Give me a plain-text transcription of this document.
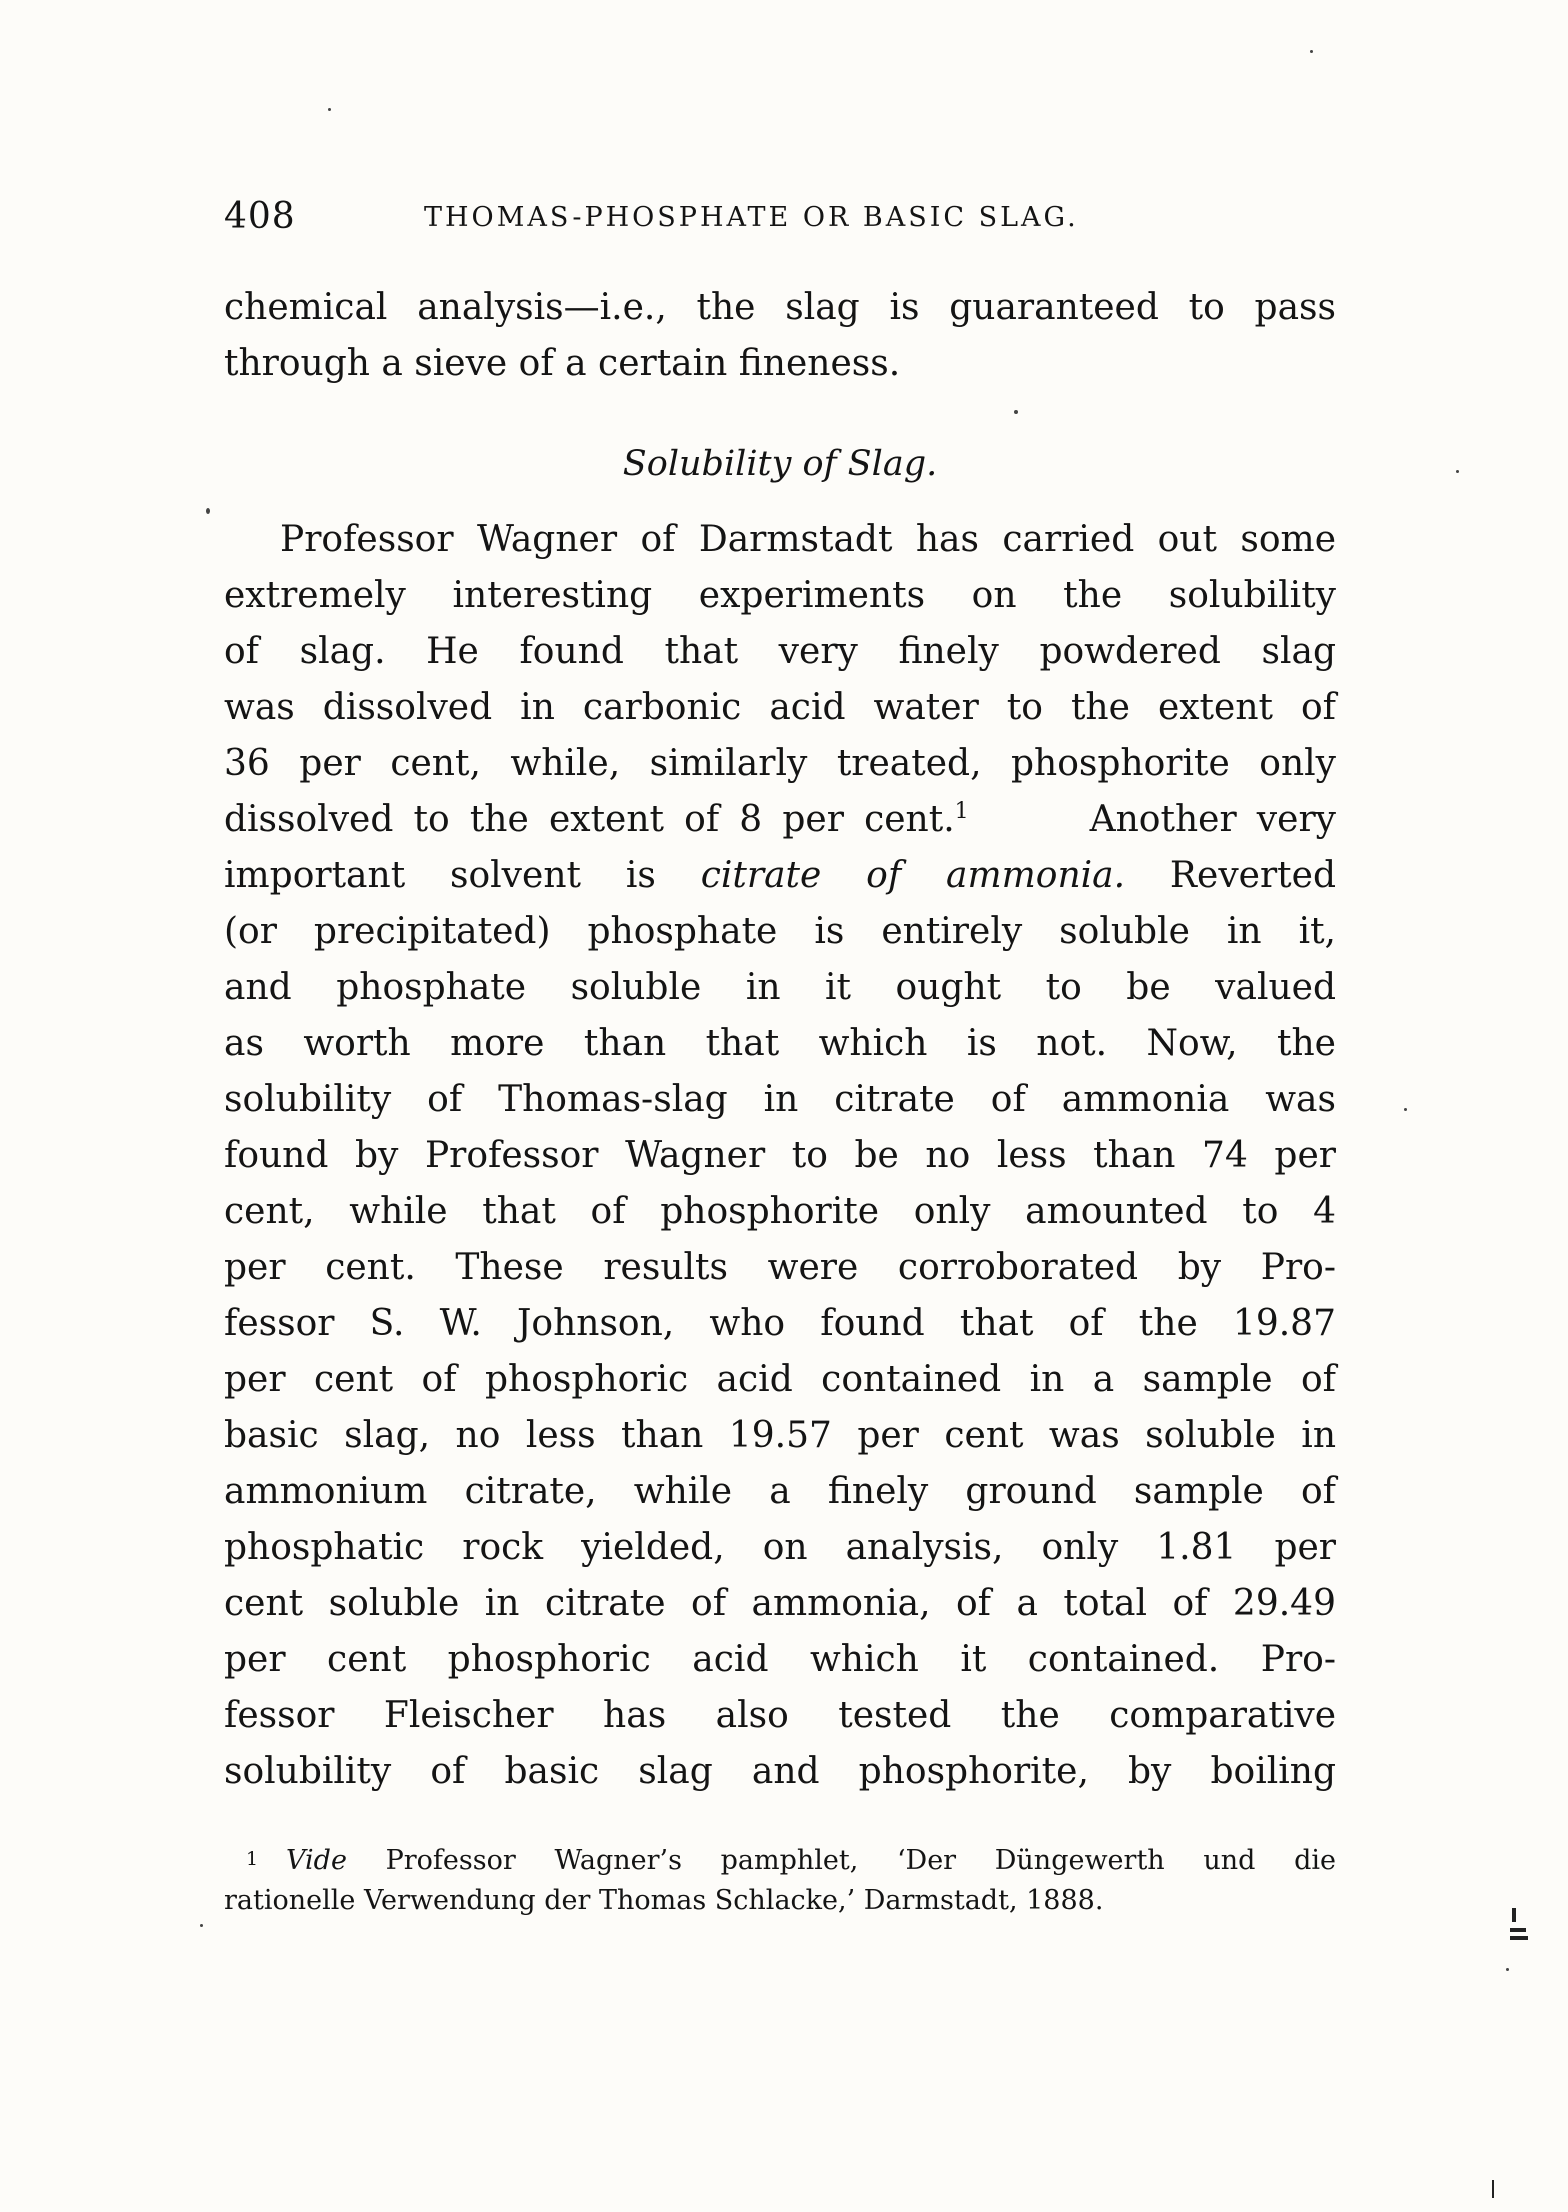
408	THOMAS-PHOSPHATE OR BASIC SLAG.
chemical analysis—i.e., the slag is guaranteed to pass
through a sieve of a certain fineness.
Solubility of Slag.
Professor Wagner of Darmstadt has carried out some
extremely interesting experiments on the solubility
of slag. He found that very finely powdered slag
was dissolved in carbonic acid water to the extent of
36 per cent, while, similarly treated, phosphorite only
dissolved to the extent of 8 per cent.$^1$	Another very
important solvent is citrate of ammonia. Reverted
(or precipitated) phosphate is entirely soluble in it,
and phosphate soluble in it ought to be valued
as worth more than that which is not. Now, the
solubility of Thomas-slag in citrate of ammonia was
found by Professor Wagner to be no less than 74 per
cent, while that of phosphorite only amounted to 4
per cent. These results were corroborated by Pro-
fessor S. W. Johnson, who found that of the 19.87
per cent of phosphoric acid contained in a sample of
basic slag, no less than 19.57 per cent was soluble in
ammonium citrate, while a finely ground sample of
phosphatic rock yielded, on analysis, only 1.81 per
cent soluble in citrate of ammonia, of a total of 29.49
per cent phosphoric acid which it contained. Pro-
fessor Fleischer has also tested the comparative
solubility of basic slag and phosphorite, by boiling
1 Vide Professor Wagner’s pamphlet, ‘Der Düngewerth und die
rationelle Verwendung der Thomas Schlacke,’ Darmstadt, 1888.
